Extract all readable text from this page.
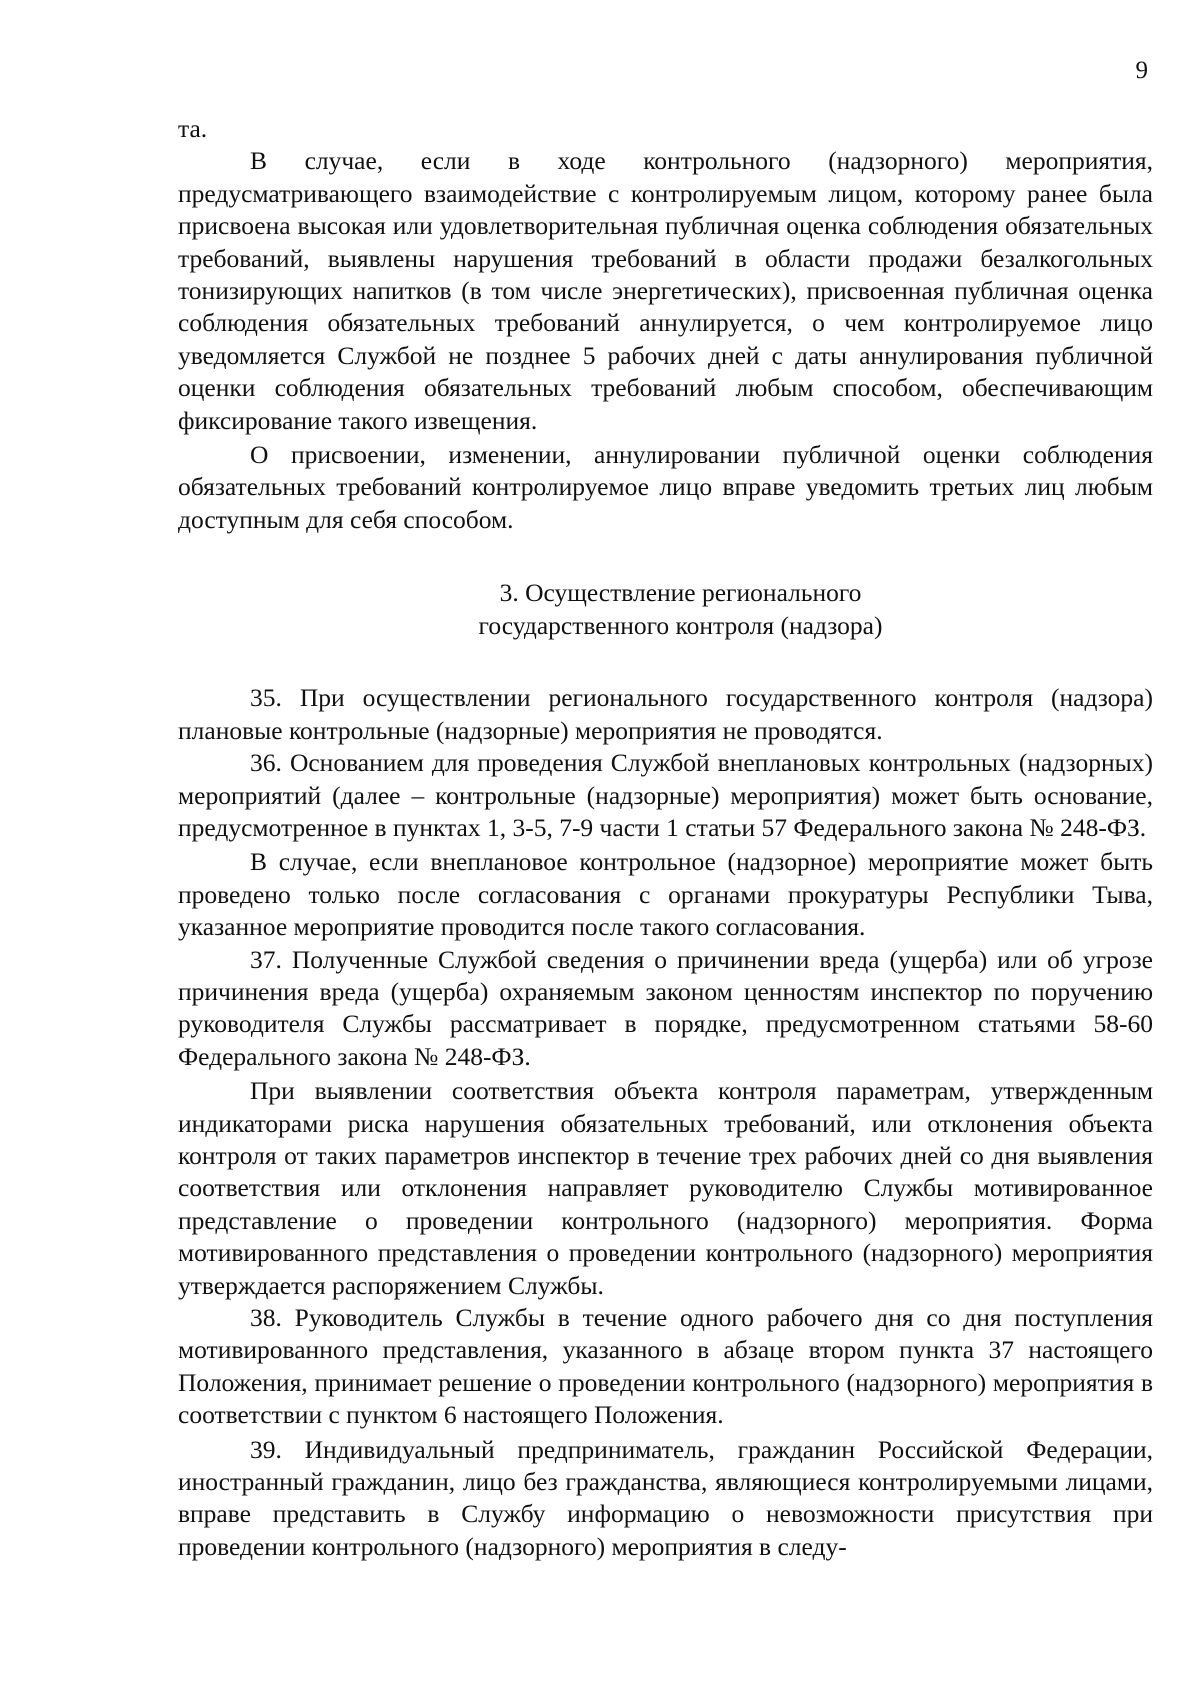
9

та.

В случае, если в ходе контрольного (надзорного) мероприятия, предусматривающего взаимодействие с контролируемым лицом, которому ранее была присвоена высокая или удовлетворительная публичная оценка соблюдения обязательных требований, выявлены нарушения требований в области продажи безалкогольных тонизирующих напитков (в том числе энергетических), присвоенная публичная оценка соблюдения обязательных требований аннулируется, о чем контролируемое лицо уведомляется Службой не позднее 5 рабочих дней с даты аннулирования публичной оценки соблюдения обязательных требований любым способом, обеспечивающим фиксирование такого извещения.

О присвоении, изменении, аннулировании публичной оценки соблюдения обязательных требований контролируемое лицо вправе уведомить третьих лиц любым доступным для себя способом.

3. Осуществление регионального
государственного контроля (надзора)

35. При осуществлении регионального государственного контроля (надзора) плановые контрольные (надзорные) мероприятия не проводятся.

36. Основанием для проведения Службой внеплановых контрольных (надзорных) мероприятий (далее – контрольные (надзорные) мероприятия) может быть основание, предусмотренное в пунктах 1, 3-5, 7-9 части 1 статьи 57 Федерального закона № 248-ФЗ.

В случае, если внеплановое контрольное (надзорное) мероприятие может быть проведено только после согласования с органами прокуратуры Республики Тыва, указанное мероприятие проводится после такого согласования.

37. Полученные Службой сведения о причинении вреда (ущерба) или об угрозе причинения вреда (ущерба) охраняемым законом ценностям инспектор по поручению руководителя Службы рассматривает в порядке, предусмотренном статьями 58-60 Федерального закона № 248-ФЗ.

При выявлении соответствия объекта контроля параметрам, утвержденным индикаторами риска нарушения обязательных требований, или отклонения объекта контроля от таких параметров инспектор в течение трех рабочих дней со дня выявления соответствия или отклонения направляет руководителю Службы мотивированное представление о проведении контрольного (надзорного) мероприятия. Форма мотивированного представления о проведении контрольного (надзорного) мероприятия утверждается распоряжением Службы.

38. Руководитель Службы в течение одного рабочего дня со дня поступления мотивированного представления, указанного в абзаце втором пункта 37 настоящего Положения, принимает решение о проведении контрольного (надзорного) мероприятия в соответствии с пунктом 6 настоящего Положения.

39. Индивидуальный предприниматель, гражданин Российской Федерации, иностранный гражданин, лицо без гражданства, являющиеся контролируемыми лицами, вправе представить в Службу информацию о невозможности присутствия при проведении контрольного (надзорного) мероприятия в следу-
